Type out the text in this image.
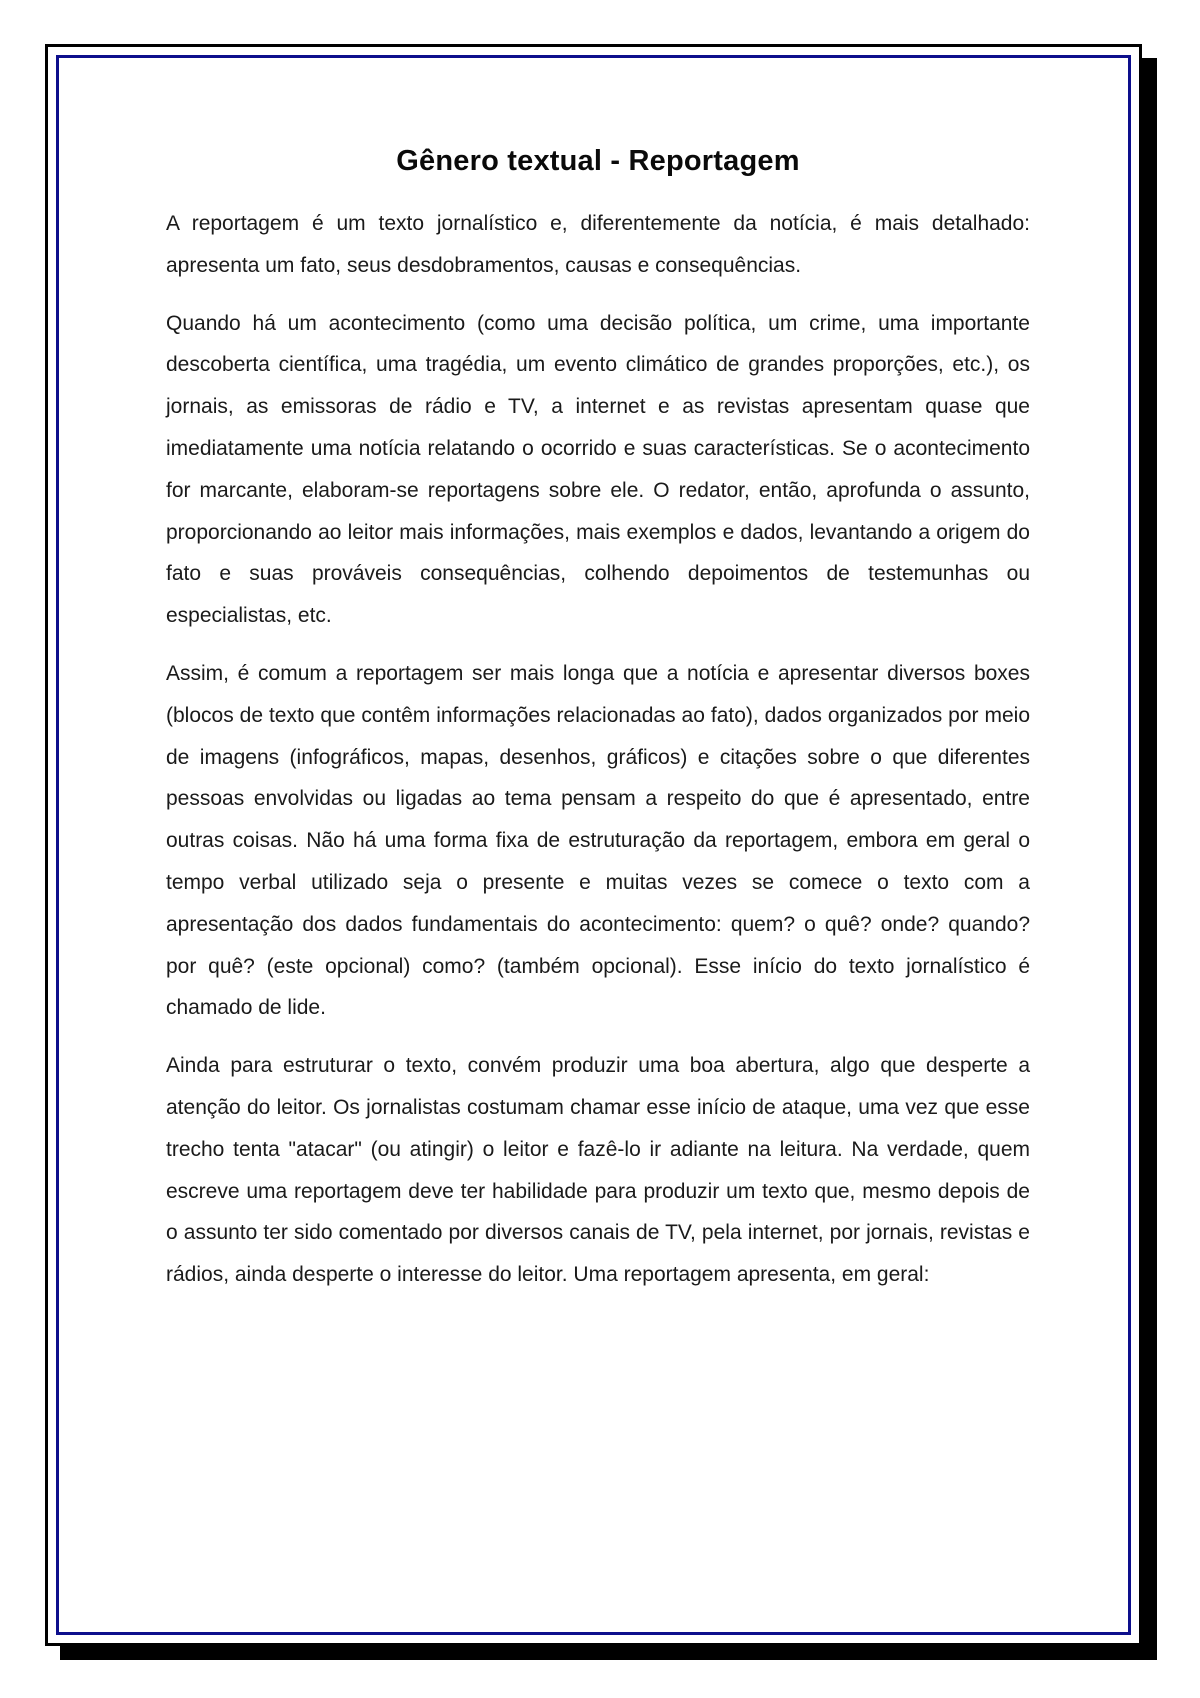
Gênero textual - Reportagem

A reportagem é um texto jornalístico e, diferentemente da notícia, é mais detalhado: apresenta um fato, seus desdobramentos, causas e consequências.

Quando há um acontecimento (como uma decisão política, um crime, uma importante descoberta científica, uma tragédia, um evento climático de grandes proporções, etc.), os jornais, as emissoras de rádio e TV, a internet e as revistas apresentam quase que imediatamente uma notícia relatando o ocorrido e suas características. Se o acontecimento for marcante, elaboram-se reportagens sobre ele. O redator, então, aprofunda o assunto, proporcionando ao leitor mais informações, mais exemplos e dados, levantando a origem do fato e suas prováveis consequências, colhendo depoimentos de testemunhas ou especialistas, etc.

Assim, é comum a reportagem ser mais longa que a notícia e apresentar diversos boxes (blocos de texto que contêm informações relacionadas ao fato), dados organizados por meio de imagens (infográficos, mapas, desenhos, gráficos) e citações sobre o que diferentes pessoas envolvidas ou ligadas ao tema pensam a respeito do que é apresentado, entre outras coisas. Não há uma forma fixa de estruturação da reportagem, embora em geral o tempo verbal utilizado seja o presente e muitas vezes se comece o texto com a apresentação dos dados fundamentais do acontecimento: quem? o quê? onde? quando? por quê? (este opcional) como? (também opcional). Esse início do texto jornalístico é chamado de lide.

Ainda para estruturar o texto, convém produzir uma boa abertura, algo que desperte a atenção do leitor. Os jornalistas costumam chamar esse início de ataque, uma vez que esse trecho tenta "atacar" (ou atingir) o leitor e fazê-lo ir adiante na leitura. Na verdade, quem escreve uma reportagem deve ter habilidade para produzir um texto que, mesmo depois de o assunto ter sido comentado por diversos canais de TV, pela internet, por jornais, revistas e rádios, ainda desperte o interesse do leitor. Uma reportagem apresenta, em geral:
